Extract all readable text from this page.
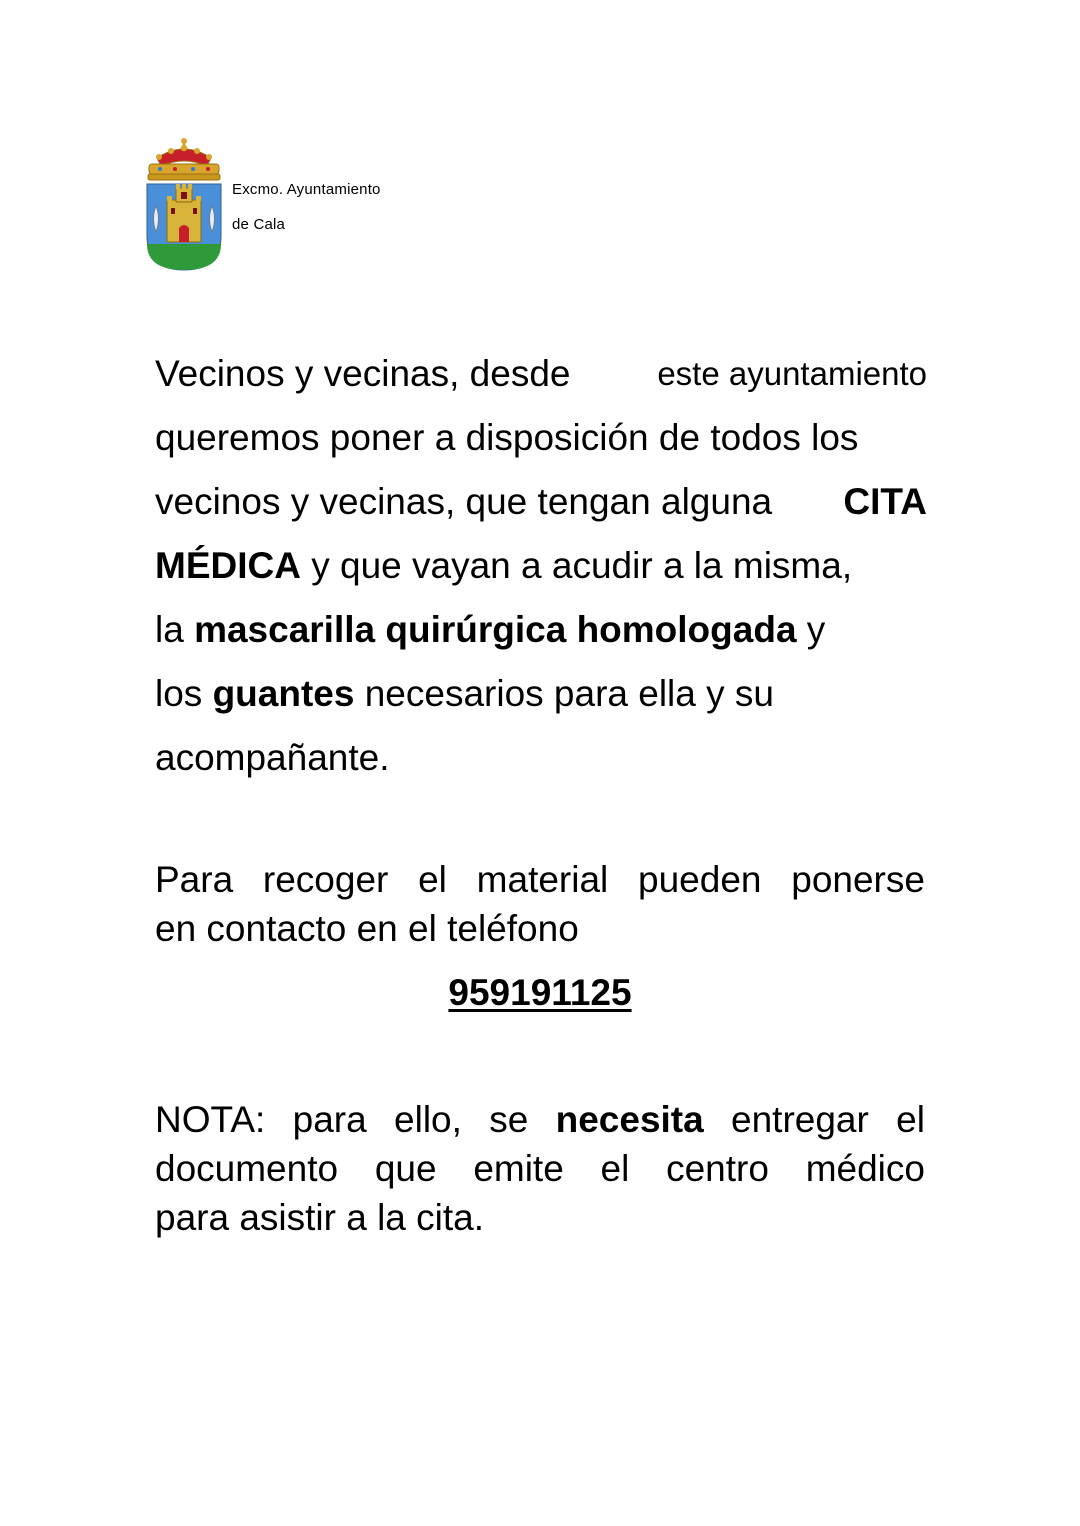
Excmo. Ayuntamiento
de Cala
Vecinos y vecinas, desde	este ayuntamiento
queremos poner a disposición de todos los
vecinos y vecinas, que tengan alguna CITA
MÉDICA y que vayan a acudir a la misma,
la mascarilla quirúrgica homologada y
los guantes necesarios para ella y su
acompañante.
Para recoger el material pueden ponerse
en contacto en el teléfono
959191125
NOTA: para ello, se necesita entregar el
documento que emite el centro médico
para asistir a la cita.
